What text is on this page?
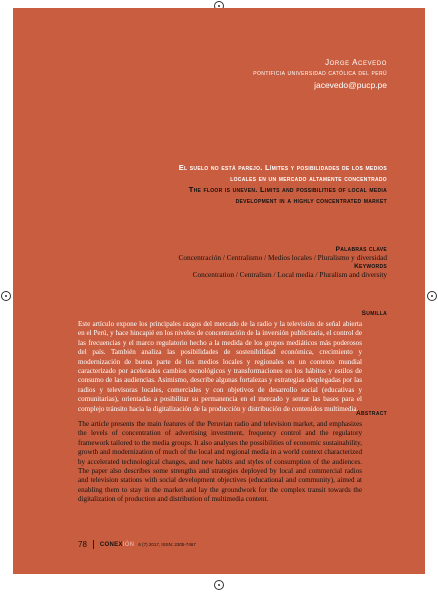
Jorge Acevedo
pontificia universidad católica del perú
jacevedo@pucp.pe
El suelo no está parejo. Límites y posibilidades de los medios
locales en un mercado altamente concentrado
The floor is uneven. Limits and possibilities of local media
development in a highly concentrated market
Palabras clave
Concentración / Centralismo / Medios locales / Pluralismo y diversidad
Keywords
Concentration / Centralism / Local media / Pluralism and diversity
Sumilla
Este artículo expone los principales rasgos del mercado de la radio y la televisión de señal abierta en el Perú, y hace hincapié en los niveles de concentración de la inversión publicitaria, el control de las frecuencias y el marco regulatorio hecho a la medida de los grupos mediáticos más poderosos del país. También analiza las posibilidades de sostenibilidad económica, crecimiento y modernización de buena parte de los medios locales y regionales en un contexto mundial caracterizado por acelerados cambios tecnológicos y transformaciones en los hábitos y estilos de consumo de las audiencias. Asimismo, describe algunas fortalezas y estrategias desplegadas por las radios y televisoras locales, comerciales y con objetivos de desarrollo social (educativas y comunitarias), orientadas a posibilitar su permanencia en el mercado y sentar las bases para el complejo tránsito hacia la digitalización de la producción y distribución de contenidos multimedia.
Abstract
The article presents the main features of the Peruvian radio and television market, and emphasizes the levels of concentration of advertising investment, frequency control and the regulatory framework tailored to the media groups. It also analyses the possibilities of economic sustainability, growth and modernization of much of the local and regional media in a world context characterized by accelerated technological changes, and new habits and styles of consumption of the audiences. The paper also describes some strengths and strategies deployed by local and commercial radios and television stations with social development objectives (educational and community), aimed at enabling them to stay in the market and lay the groundwork for the complex transit towards the digitalization of production and distribution of multimedia content.
78 CONEXIÓN 6 (7) 2017, ISSN: 2305-7467
